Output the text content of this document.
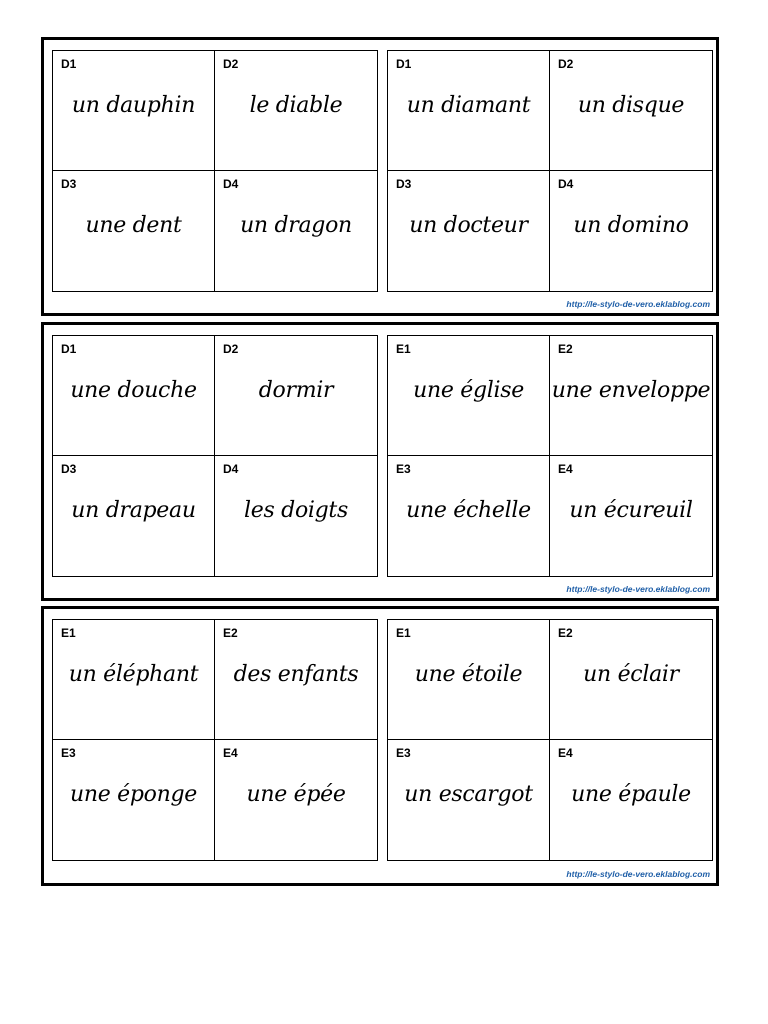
D1
un dauphin
D2
le diable
D3
une dent
D4
un dragon
D1
un diamant
D2
un disque
D3
un docteur
D4
un domino
http://le-stylo-de-vero.eklablog.com
D1
une douche
D2
dormir
D3
un drapeau
D4
les doigts
E1
une église
E2
une enveloppe
E3
une échelle
E4
un écureuil
http://le-stylo-de-vero.eklablog.com
E1
un éléphant
E2
des enfants
E3
une éponge
E4
une épée
E1
une étoile
E2
un éclair
E3
un escargot
E4
une épaule
http://le-stylo-de-vero.eklablog.com
